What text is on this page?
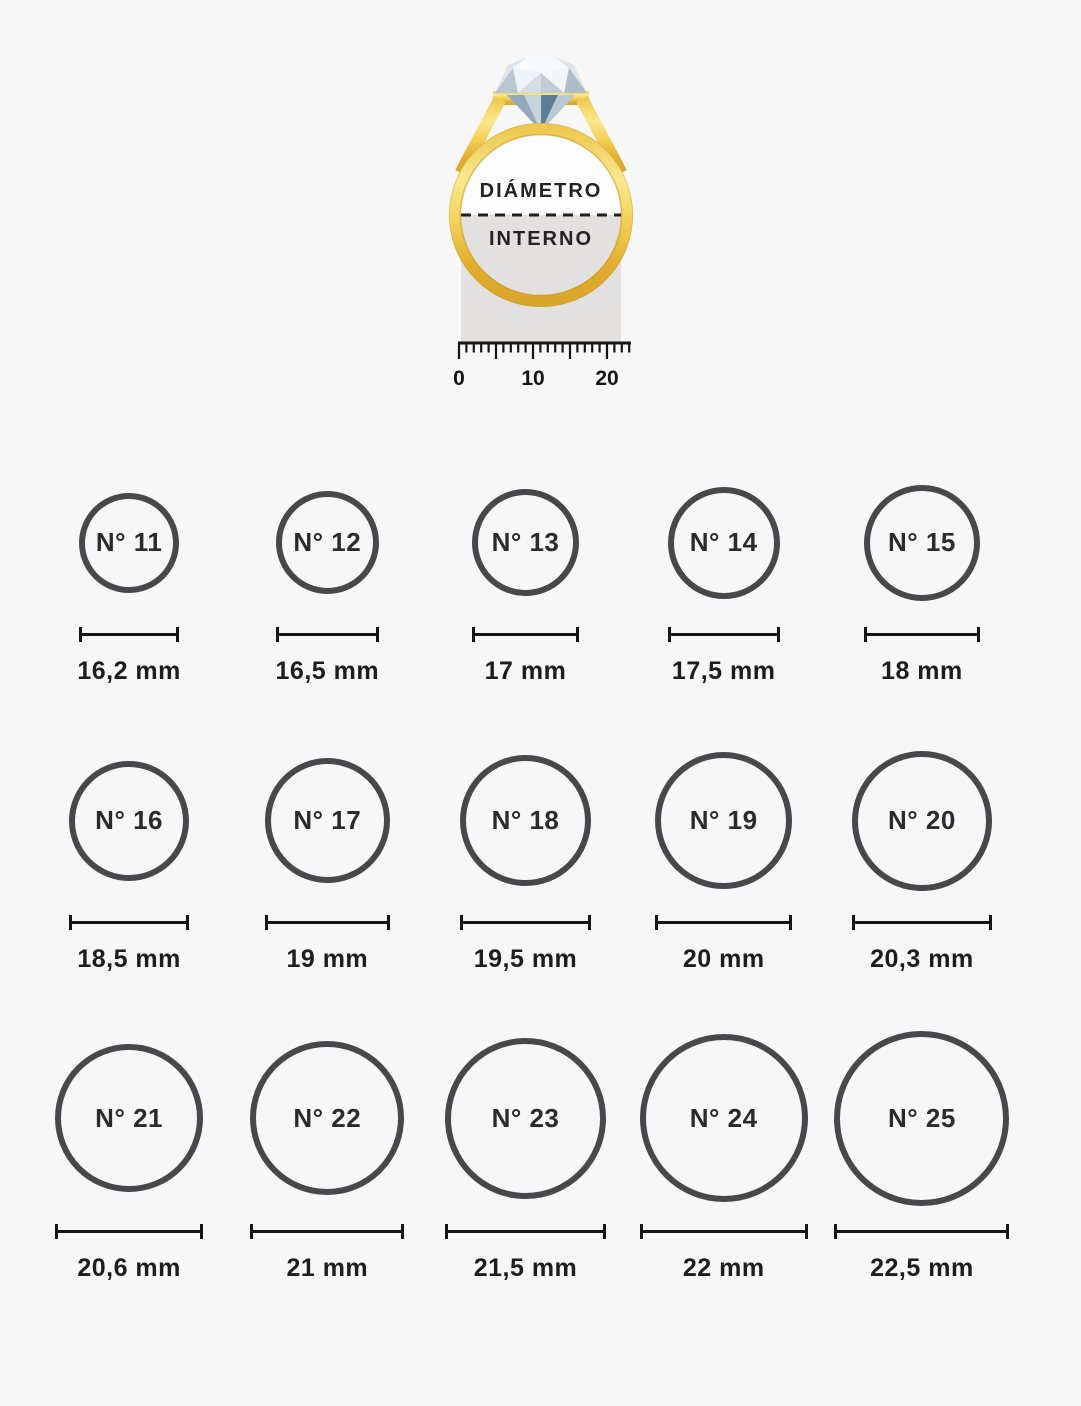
DIÁMETRO
INTERNO
0	10 20
N° 11
16,2 mm
N° 12
16,5 mm
N° 13
17 mm
N° 14
17,5 mm
N° 15
18 mm
N° 16
18,5 mm
N° 17
19 mm
N° 18
19,5 mm
N° 19
20 mm
N° 20
20,3 mm
N° 21
20,6 mm
N° 22
21 mm
N° 23
21,5 mm
N° 24
22 mm
N° 25
22,5 mm
